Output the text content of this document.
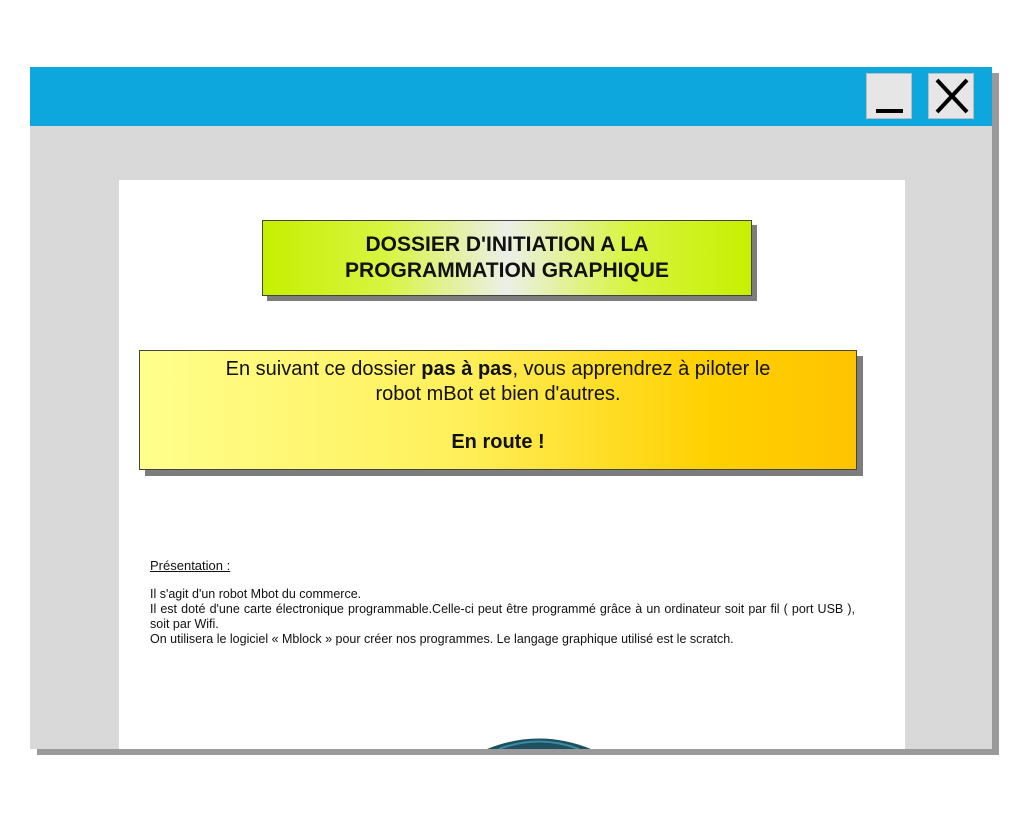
DOSSIER D'INITIATION A LA PROGRAMMATION GRAPHIQUE
En suivant ce dossier pas à pas, vous apprendrez à piloter le
robot mBot et bien d'autres.
En route !
Présentation :

Il s'agit d'un robot Mbot du commerce.

Il est doté d'une carte électronique programmable.Celle-ci peut être programmé grâce à un ordinateur soit par fil ( port USB ), soit par Wifi.

On utilisera le logiciel « Mblock » pour créer nos programmes. Le langage graphique utilisé est le scratch.
